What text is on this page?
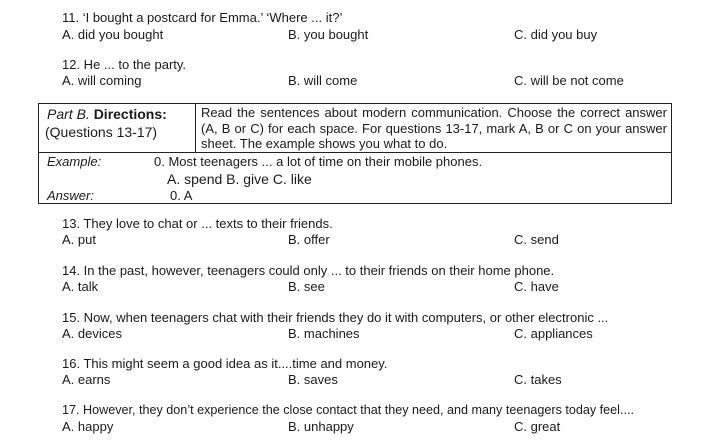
11. ‘I bought a postcard for Emma.’ ‘Where ... it?’
A. did you bought	B. you bought	C. did you buy
12. He ... to the party.
A. will coming	B. will come	C. will be not come
Part B. Directions:
(Questions 13-17)
Read the sentences about modern communication. Choose the correct answer (A, B or C) for each space. For questions 13-17, mark A, B or C on your answer sheet. The example shows you what to do.
Example:	0. Most teenagers ... a lot of time on their mobile phones.
A. spend B. give C. like
Answer:	0. A
13. They love to chat or ... texts to their friends.
A. put	B. offer	C. send
14. In the past, however, teenagers could only ... to their friends on their home phone.
A. talk	B. see	C. have
15. Now, when teenagers chat with their friends they do it with computers, or other electronic ...
A. devices	B. machines	C. appliances
16. This might seem a good idea as it....time and money.
A. earns	B. saves	C. takes
17. However, they don’t experience the close contact that they need, and many teenagers today feel....
A. happy	B. unhappy	C. great
